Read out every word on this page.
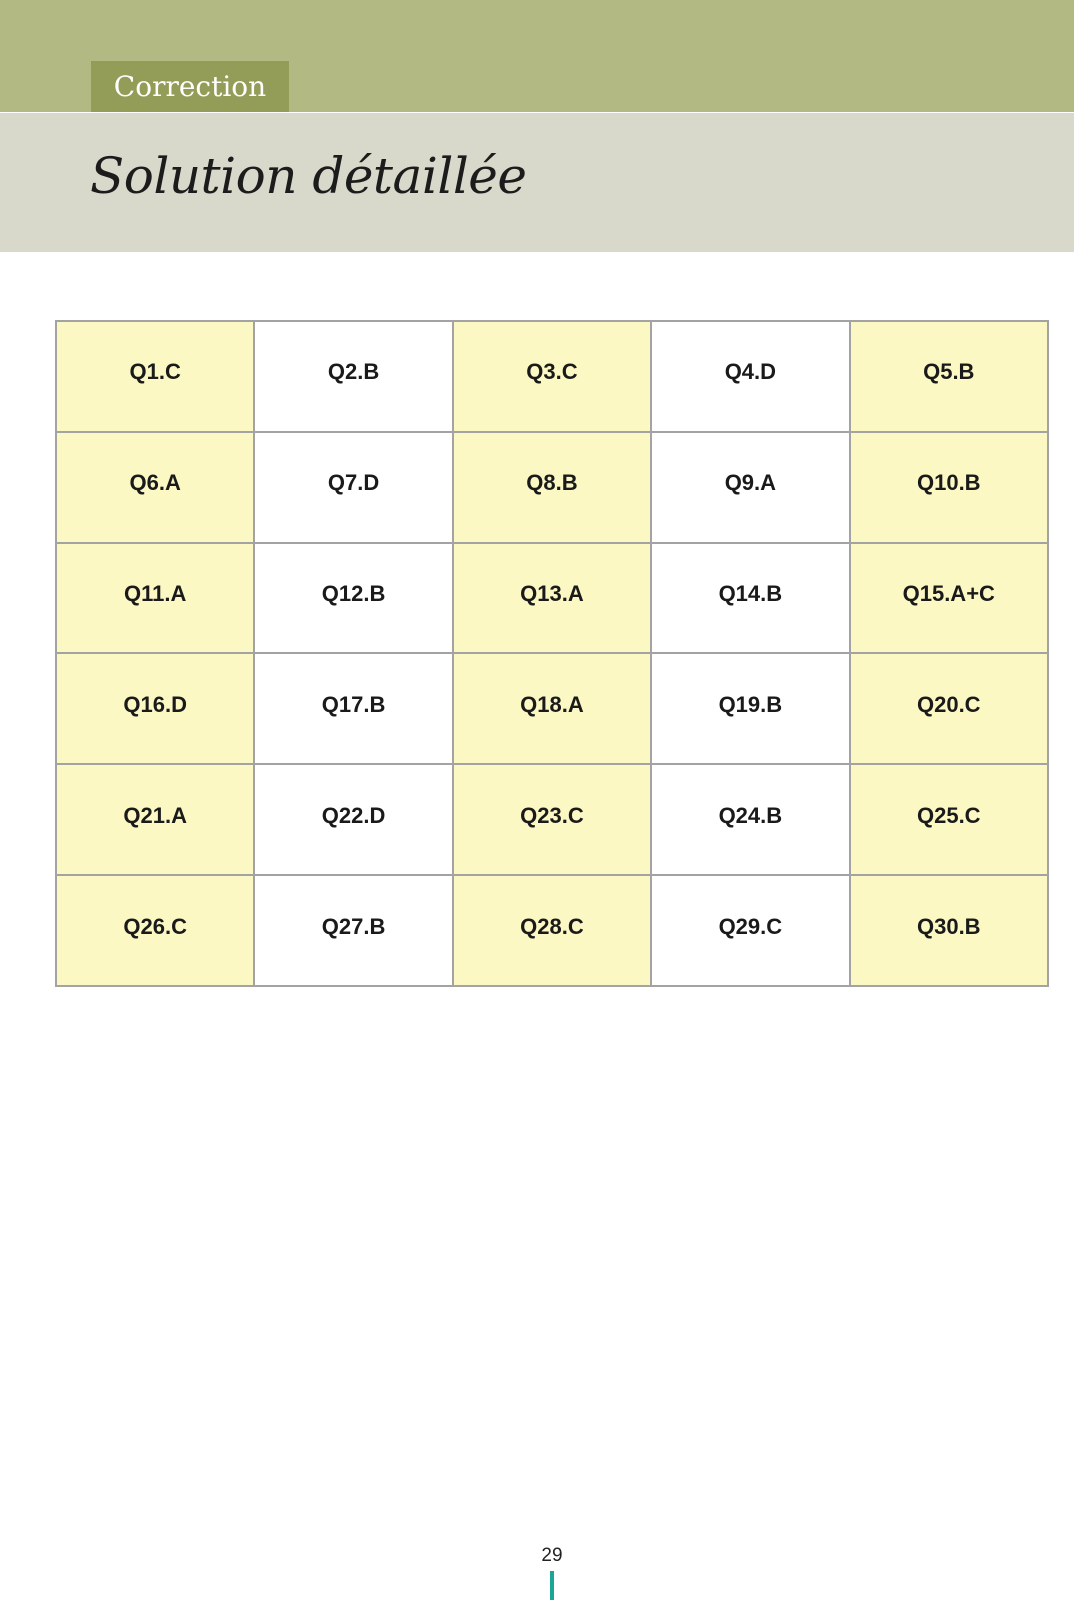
Correction
Solution détaillée
Q1.C	Q2.B	Q3.C	Q4.D	Q5.B
Q6.A	Q7.D	Q8.B	Q9.A	Q10.B
Q11.A	Q12.B	Q13.A	Q14.B	Q15.A+C
Q16.D	Q17.B	Q18.A	Q19.B	Q20.C
Q21.A	Q22.D	Q23.C	Q24.B	Q25.C
Q26.C	Q27.B	Q28.C	Q29.C	Q30.B
29
